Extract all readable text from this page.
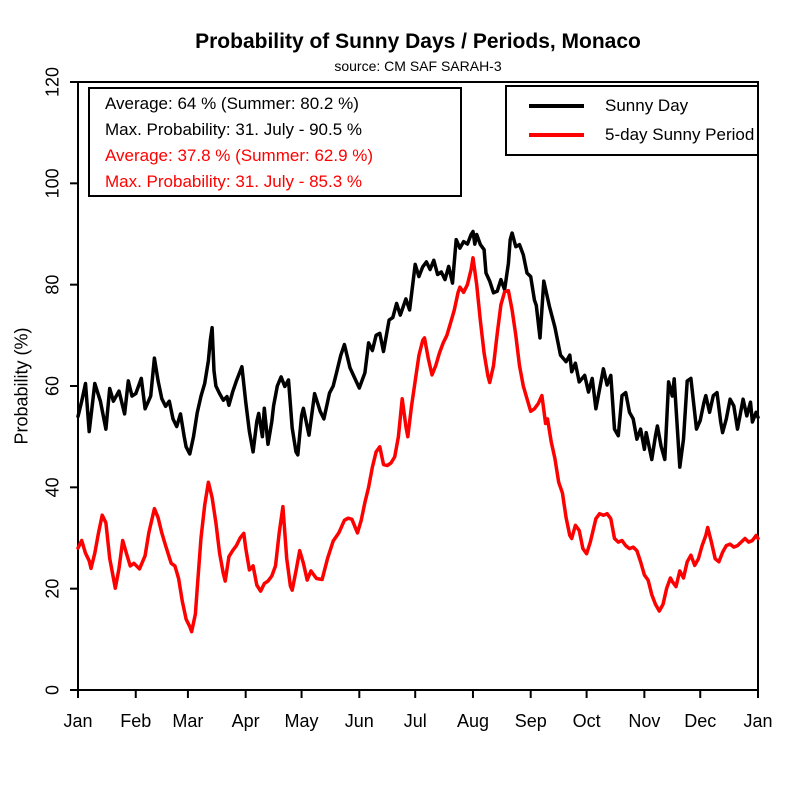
Probability of Sunny Days / Periods, Monaco
source: CM SAF SARAH-3
Probability (%)
0
20
40
60
80
100
120
Jan Feb Mar Apr May Jun Jul Aug Sep Oct Nov Dec Jan
Average: 64 % (Summer: 80.2 %)
Max. Probability: 31. July - 90.5 %
Average: 37.8 % (Summer: 62.9 %)
Max. Probability: 31. July - 85.3 %
Sunny Day
5-day Sunny Period
